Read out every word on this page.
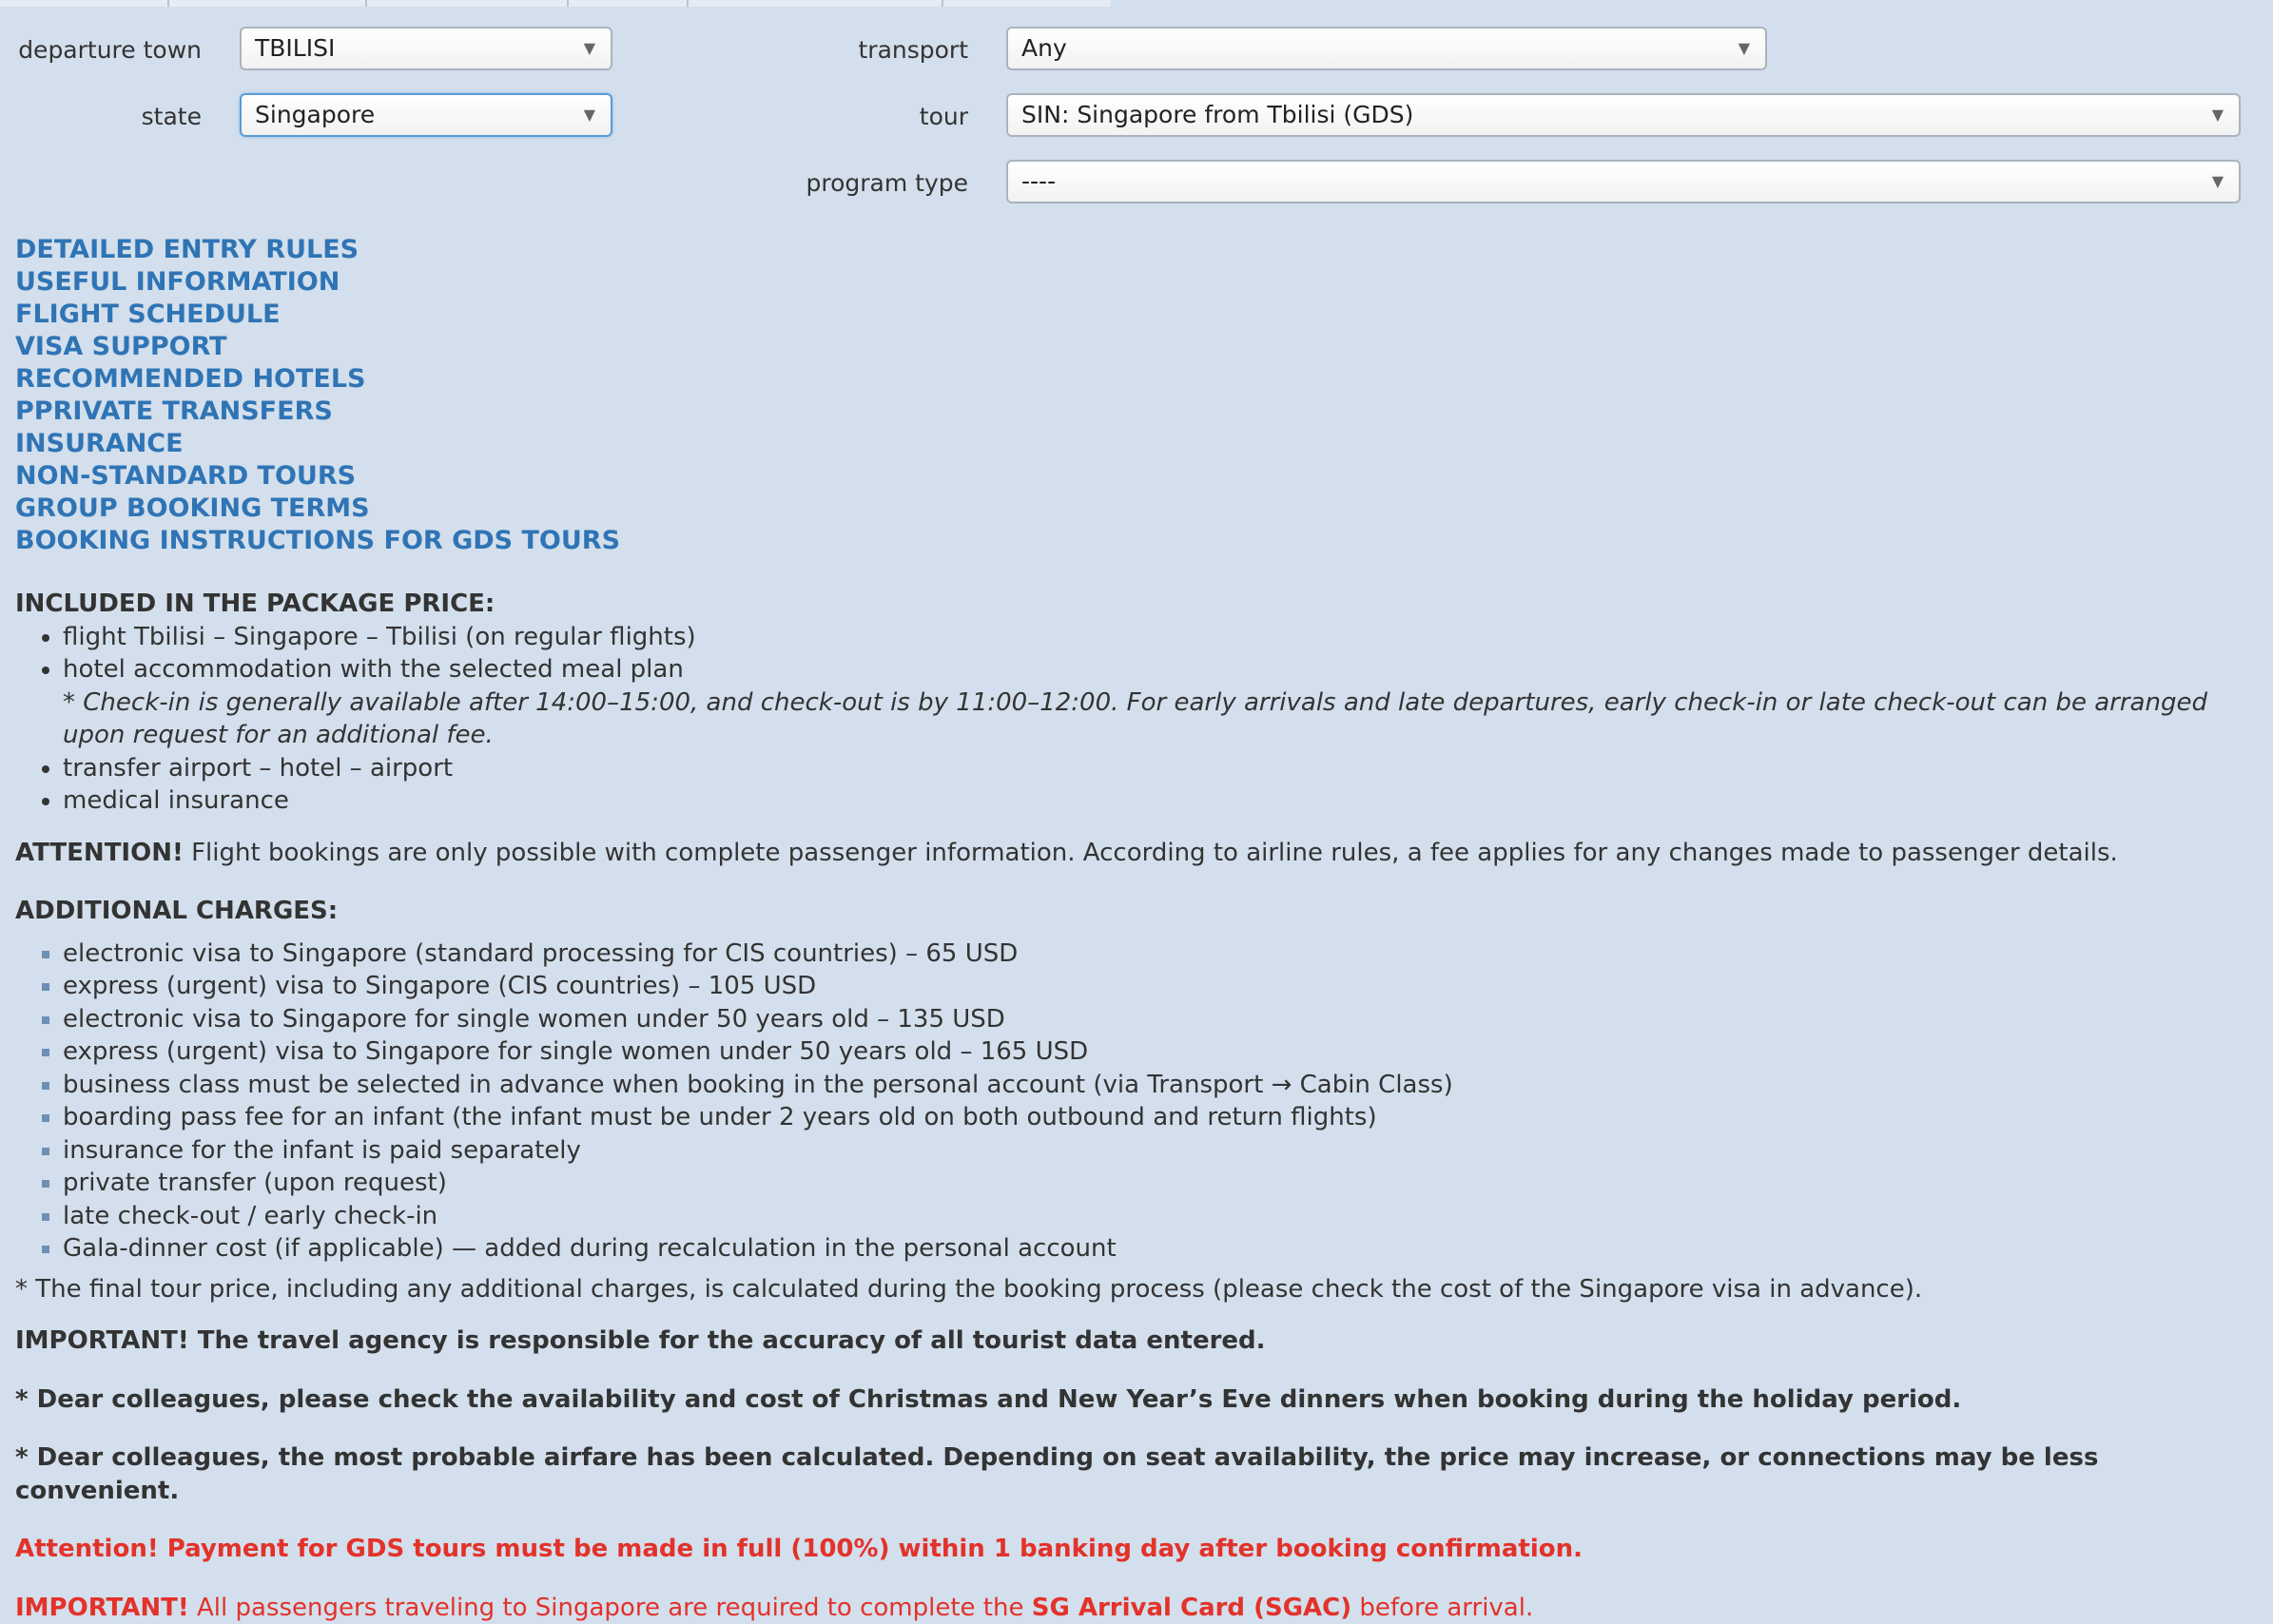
departure town	TBILISI	▼
state	Singapore	▼
transport	Any	▼
tour	SIN: Singapore from Tbilisi (GDS)	▼
program type	----	▼
DETAILED ENTRY RULES
USEFUL INFORMATION
FLIGHT SCHEDULE
VISA SUPPORT
RECOMMENDED HOTELS
PPRIVATE TRANSFERS
INSURANCE
NON-STANDARD TOURS
GROUP BOOKING TERMS
BOOKING INSTRUCTIONS FOR GDS TOURS

INCLUDED IN THE PACKAGE PRICE:

• flight Tbilisi – Singapore – Tbilisi (on regular flights)
• hotel accommodation with the selected meal plan
* Check-in is generally available after 14:00–15:00, and check-out is by 11:00–12:00. For early arrivals and late departures, early check-in or late check-out can be arranged upon request for an additional fee.
• transfer airport – hotel – airport
• medical insurance

ATTENTION! Flight bookings are only possible with complete passenger information. According to airline rules, a fee applies for any changes made to passenger details.

ADDITIONAL CHARGES:

▪ electronic visa to Singapore (standard processing for CIS countries) – 65 USD
▪ express (urgent) visa to Singapore (CIS countries) – 105 USD
▪ electronic visa to Singapore for single women under 50 years old – 135 USD
▪ express (urgent) visa to Singapore for single women under 50 years old – 165 USD
▪ business class must be selected in advance when booking in the personal account (via Transport → Cabin Class)
▪ boarding pass fee for an infant (the infant must be under 2 years old on both outbound and return flights)
▪ insurance for the infant is paid separately
▪ private transfer (upon request)
▪ late check-out / early check-in
▪ Gala-dinner cost (if applicable) — added during recalculation in the personal account

* The final tour price, including any additional charges, is calculated during the booking process (please check the cost of the Singapore visa in advance).

IMPORTANT! The travel agency is responsible for the accuracy of all tourist data entered.

* Dear colleagues, please check the availability and cost of Christmas and New Year’s Eve dinners when booking during the holiday period.

* Dear colleagues, the most probable airfare has been calculated. Depending on seat availability, the price may increase, or connections may be less convenient.

Attention! Payment for GDS tours must be made in full (100%) within 1 banking day after booking confirmation.

IMPORTANT! All passengers traveling to Singapore are required to complete the SG Arrival Card (SGAC) before arrival.
